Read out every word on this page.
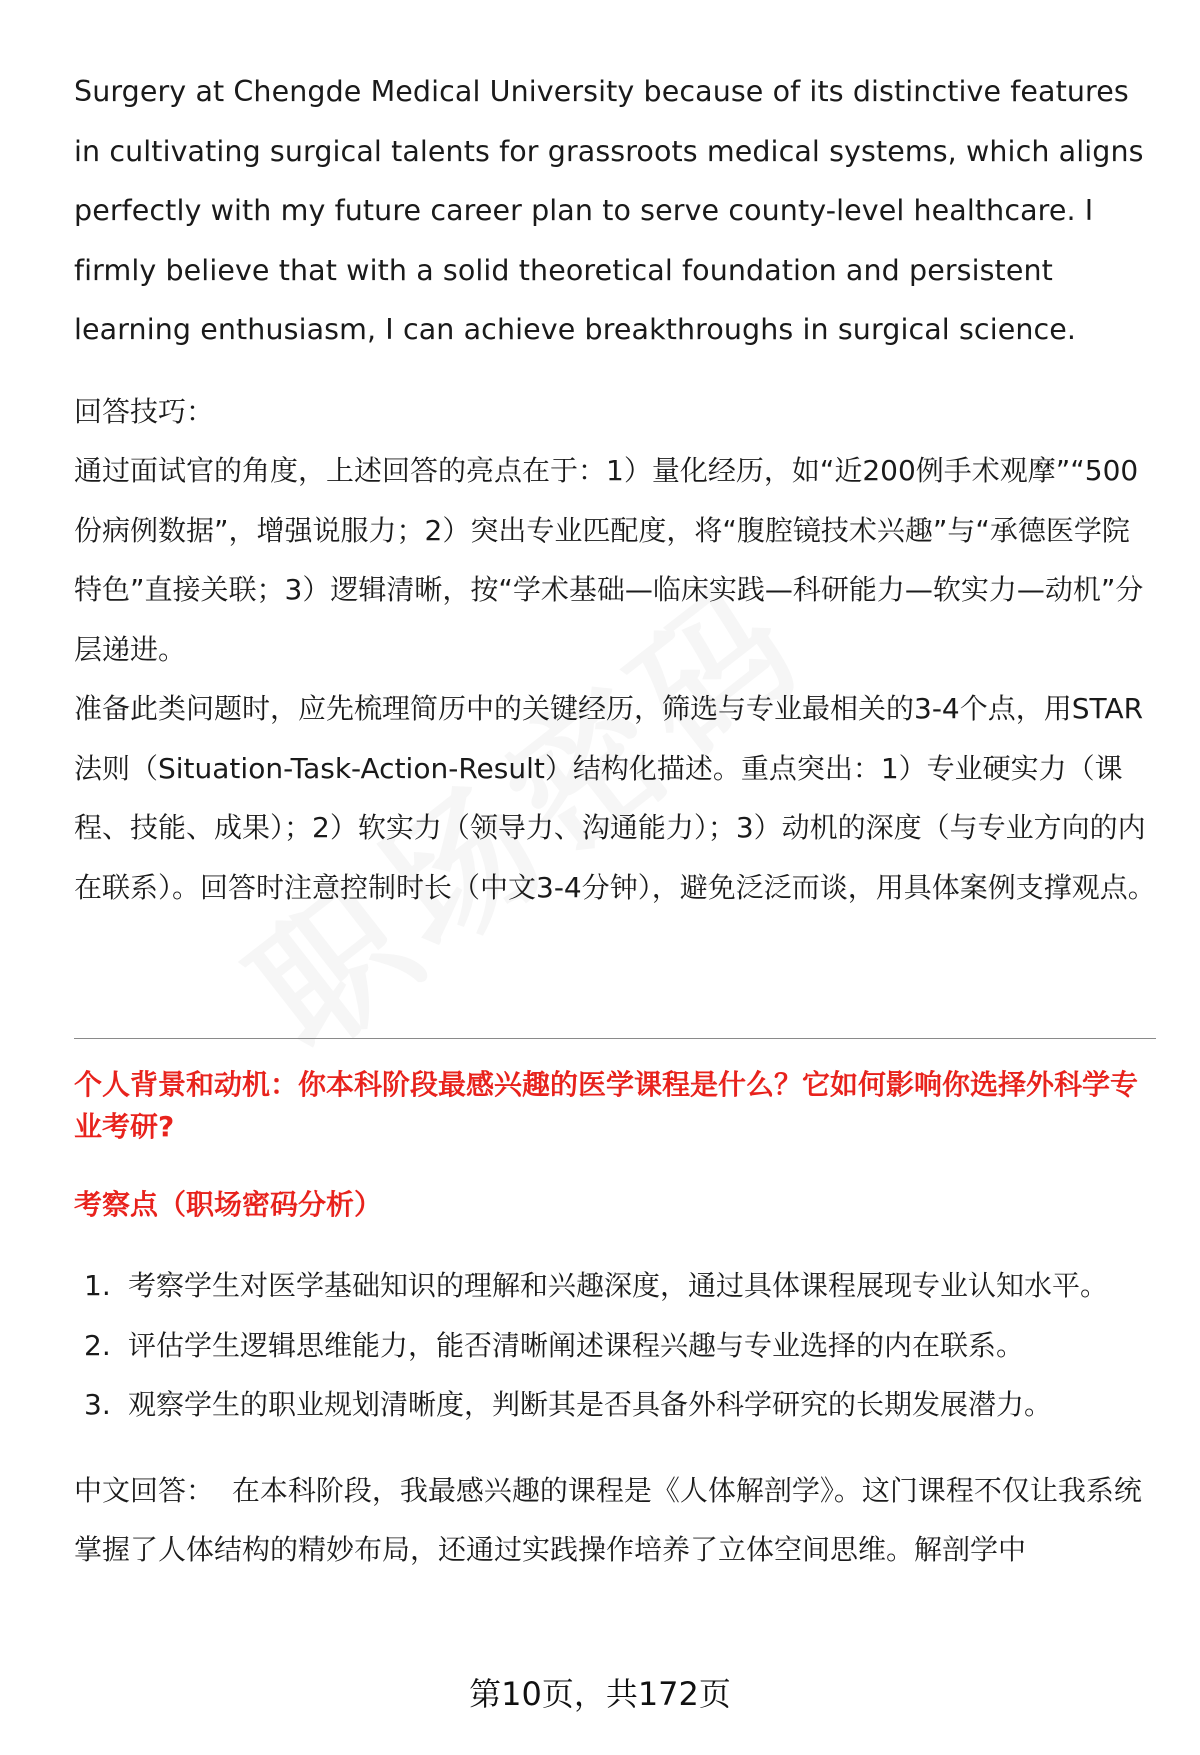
Surgery at Chengde Medical University because of its distinctive features in cultivating surgical talents for grassroots medical systems, which aligns perfectly with my future career plan to serve county-level healthcare. I firmly believe that with a solid theoretical foundation and persistent learning enthusiasm, I can achieve breakthroughs in surgical science.

回答技巧：

通过面试官的角度，上述回答的亮点在于：1）量化经历，如“近200例手术观摩”“500份病例数据”，增强说服力；2）突出专业匹配度，将“腹腔镜技术兴趣”与“承德医学院特色”直接关联；3）逻辑清晰，按“学术基础—临床实践—科研能力—软实力—动机”分层递进。

准备此类问题时，应先梳理简历中的关键经历，筛选与专业最相关的3-4个点，用STAR法则（Situation-Task-Action-Result）结构化描述。重点突出：1）专业硬实力（课程、技能、成果）；2）软实力（领导力、沟通能力）；3）动机的深度（与专业方向的内在联系）。回答时注意控制时长（中文3-4分钟），避免泛泛而谈，用具体案例支撑观点。

个人背景和动机：你本科阶段最感兴趣的医学课程是什么？它如何影响你选择外科学专业考研?

考察点（职场密码分析）

1. 考察学生对医学基础知识的理解和兴趣深度，通过具体课程展现专业认知水平。
2. 评估学生逻辑思维能力，能否清晰阐述课程兴趣与专业选择的内在联系。
3. 观察学生的职业规划清晰度，判断其是否具备外科学研究的长期发展潜力。

中文回答： 在本科阶段，我最感兴趣的课程是《人体解剖学》。这门课程不仅让我系统掌握了人体结构的精妙布局，还通过实践操作培养了立体空间思维。解剖学中

第10页，共172页
